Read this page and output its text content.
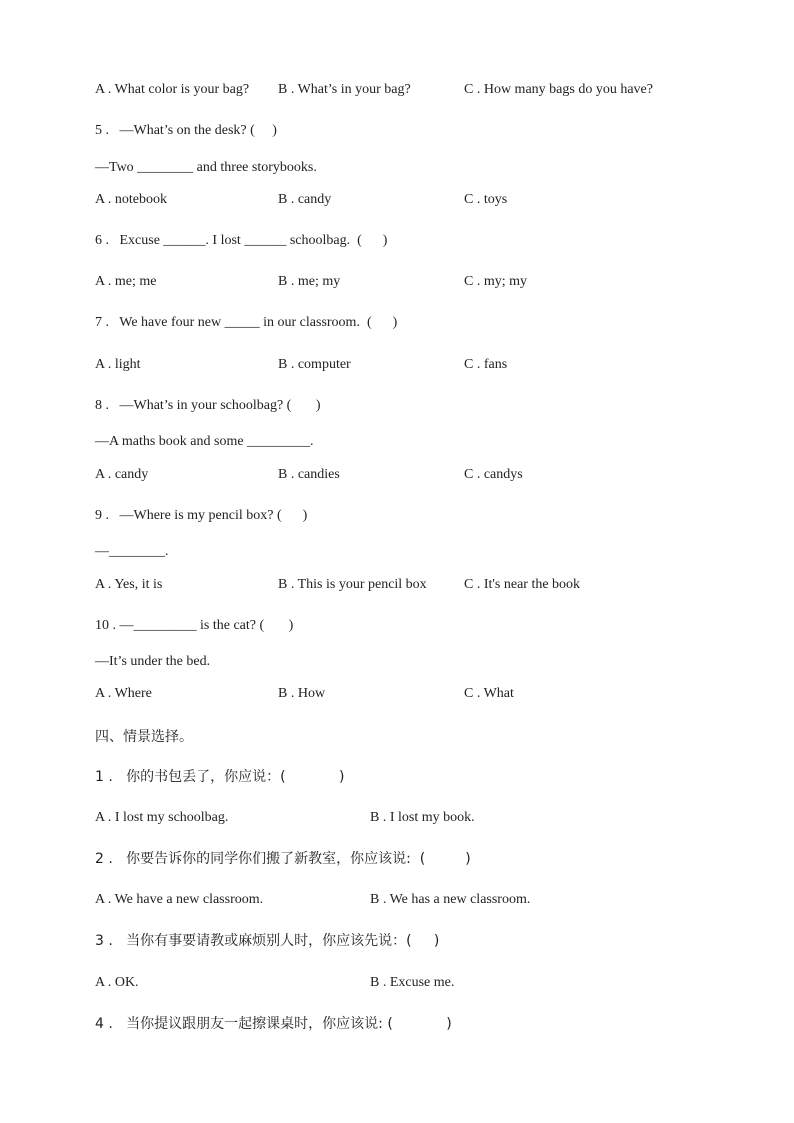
A . What color is your bag? B . What’s in your bag?	C . How many bags do you have?
5 .   —What’s on the desk? (     )
—Two ________ and three storybooks.
A . notebook	B . candy	C . toys
6 .   Excuse ______. I lost ______ schoolbag.  (      )
A . me; me	B . me; my	C . my; my
7 .   We have four new _____ in our classroom.  (      )
A . light	B . computer	C . fans
8 .   —What’s in your schoolbag? (       )
—A maths book and some _________.
A . candy	B . candies	C . candys
9 .   —Where is my pencil box? (      )
—________.
A . Yes, it is	B . This is your pencil box	C . It's near the book
10 . —_________ is the cat? (       )
—It’s under the bed.
A . Where	B . How	C . What
四、情景选择。
1 .   你的书包丢了，你应说：(            )
A . I lost my schoolbag.	B . I lost my book.
2 .   你要告诉你的同学你们搬了新教室，你应该说:  (         )
A . We have a new classroom.	B . We has a new classroom.
3 .   当你有事要请教或麻烦别人时，你应该先说：(     )
A . OK.	B . Excuse me.
4 .   当你提议跟朋友一起擦课桌时，你应该说: (            )
